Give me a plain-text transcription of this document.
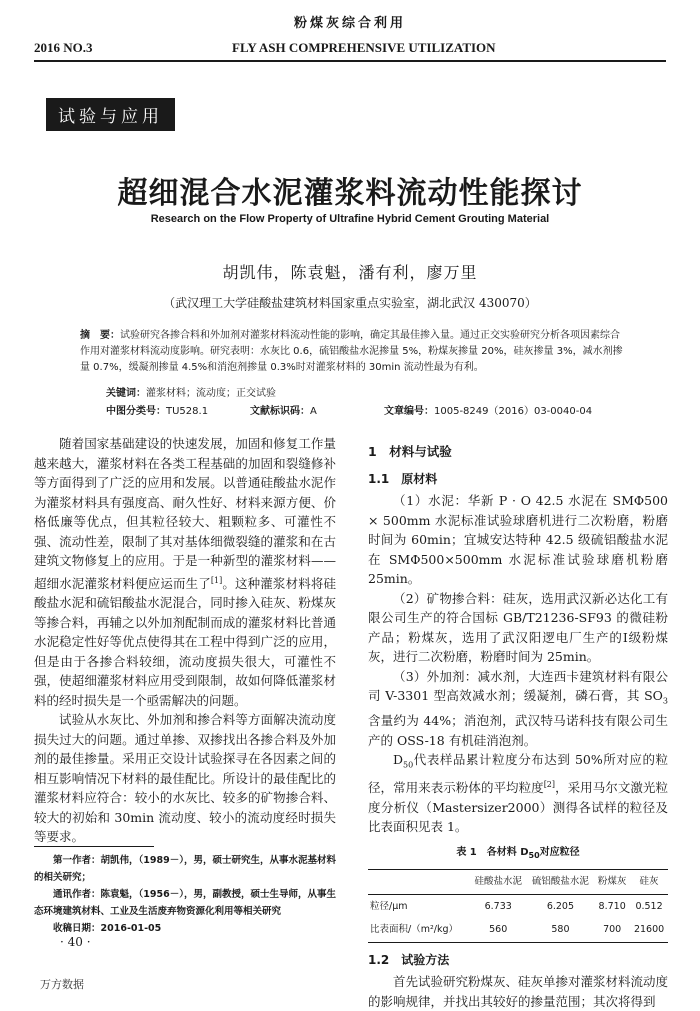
粉煤灰综合利用
2016 NO.3	FLY ASH COMPREHENSIVE UTILIZATION
试验与应用
超细混合水泥灌浆料流动性能探讨
Research on the Flow Property of Ultrafine Hybrid Cement Grouting Material
胡凯伟，陈袁魁，潘有利，廖万里
（武汉理工大学硅酸盐建筑材料国家重点实验室，湖北武汉 430070）
摘　要：试验研究各掺合料和外加剂对灌浆材料流动性能的影响，确定其最佳掺入量。通过正交实验研究分析各项因素综合作用对灌浆材料流动度影响。研究表明：水灰比 0.6，硫铝酸盐水泥掺量 5%，粉煤灰掺量 20%，硅灰掺量 3%，减水剂掺量 0.7%，缓凝剂掺量 4.5%和消泡剂掺量 0.3%时对灌浆材料的 30min 流动性最为有利。
关键词：灌浆材料；流动度；正交试验
中图分类号：TU528.1	文献标识码：A	文章编号：1005-8249（2016）03-0040-04

随着国家基础建设的快速发展，加固和修复工作量越来越大，灌浆材料在各类工程基础的加固和裂缝修补等方面得到了广泛的应用和发展。以普通硅酸盐水泥作为灌浆材料具有强度高、耐久性好、材料来源方便、价格低廉等优点，但其粒径较大、粗颗粒多、可灌性不强、流动性差，限制了其对基体细微裂缝的灌浆和在古建筑文物修复上的应用。于是一种新型的灌浆材料——超细水泥灌浆材料便应运而生了[1]。这种灌浆材料将硅酸盐水泥和硫铝酸盐水泥混合，同时掺入硅灰、粉煤灰等掺合料，再辅之以外加剂配制而成的灌浆材料比普通水泥稳定性好等优点使得其在工程中得到广泛的应用，但是由于各掺合料较细，流动度损失很大，可灌性不强，使超细灌浆材料应用受到限制，故如何降低灌浆材料的经时损失是一个亟需解决的问题。

试验从水灰比、外加剂和掺合料等方面解决流动度损失过大的问题。通过单掺、双掺找出各掺合料及外加剂的最佳掺量。采用正交设计试验探寻在各因素之间的相互影响情况下材料的最佳配比。所设计的最佳配比的灌浆材料应符合：较小的水灰比、较多的矿物掺合料、较大的初始和 30min 流动度、较小的流动度经时损失等要求。

1　材料与试验
1.1　原材料

（1）水泥：华新 P · O 42.5 水泥在 SMΦ500 × 500mm 水泥标准试验球磨机进行二次粉磨，粉磨时间为 60min；宜城安达特种 42.5 级硫铝酸盐水泥在 SMΦ500×500mm 水泥标准试验球磨机粉磨 25min。

（2）矿物掺合料：硅灰，选用武汉新必达化工有限公司生产的符合国标 GB/T21236-SF93 的微硅粉产品；粉煤灰，选用了武汉阳逻电厂生产的Ⅰ级粉煤灰，进行二次粉磨，粉磨时间为 25min。

（3）外加剂：减水剂，大连西卡建筑材料有限公司 V-3301 型高效减水剂；缓凝剂，磷石膏，其 $SO_3$ 含量约为 44%；消泡剂，武汉特马诺科技有限公司生产的 OSS-18 有机硅消泡剂。

$D_{50}$代表样品累计粒度分布达到 50%所对应的粒径，常用来表示粉体的平均粒度[2]，采用马尔文激光粒度分析仪（Mastersizer2000）测得各试样的粒径及比表面积见表 1。

表 1　各材料 $D_{50}$对应粒径
	硅酸盐水泥	硫铝酸盐水泥	粉煤灰	硅灰
粒径/μm	6.733	6.205	8.710	0.512
比表面积/（m²/kg）	560	580	700	21600
1.2　试验方法

首先试验研究粉煤灰、硅灰单掺对灌浆材料流动度的影响规律，并找出其较好的掺量范围；其次将得到

第一作者：胡凯伟，（1989－），男，硕士研究生，从事水泥基材料的相关研究；
通讯作者：陈袁魁，（1956－），男，副教授，硕士生导师，从事生态环境建筑材料、工业及生活废弃物资源化利用等相关研究
收稿日期：2016-01-05
· 40 ·
万方数据
